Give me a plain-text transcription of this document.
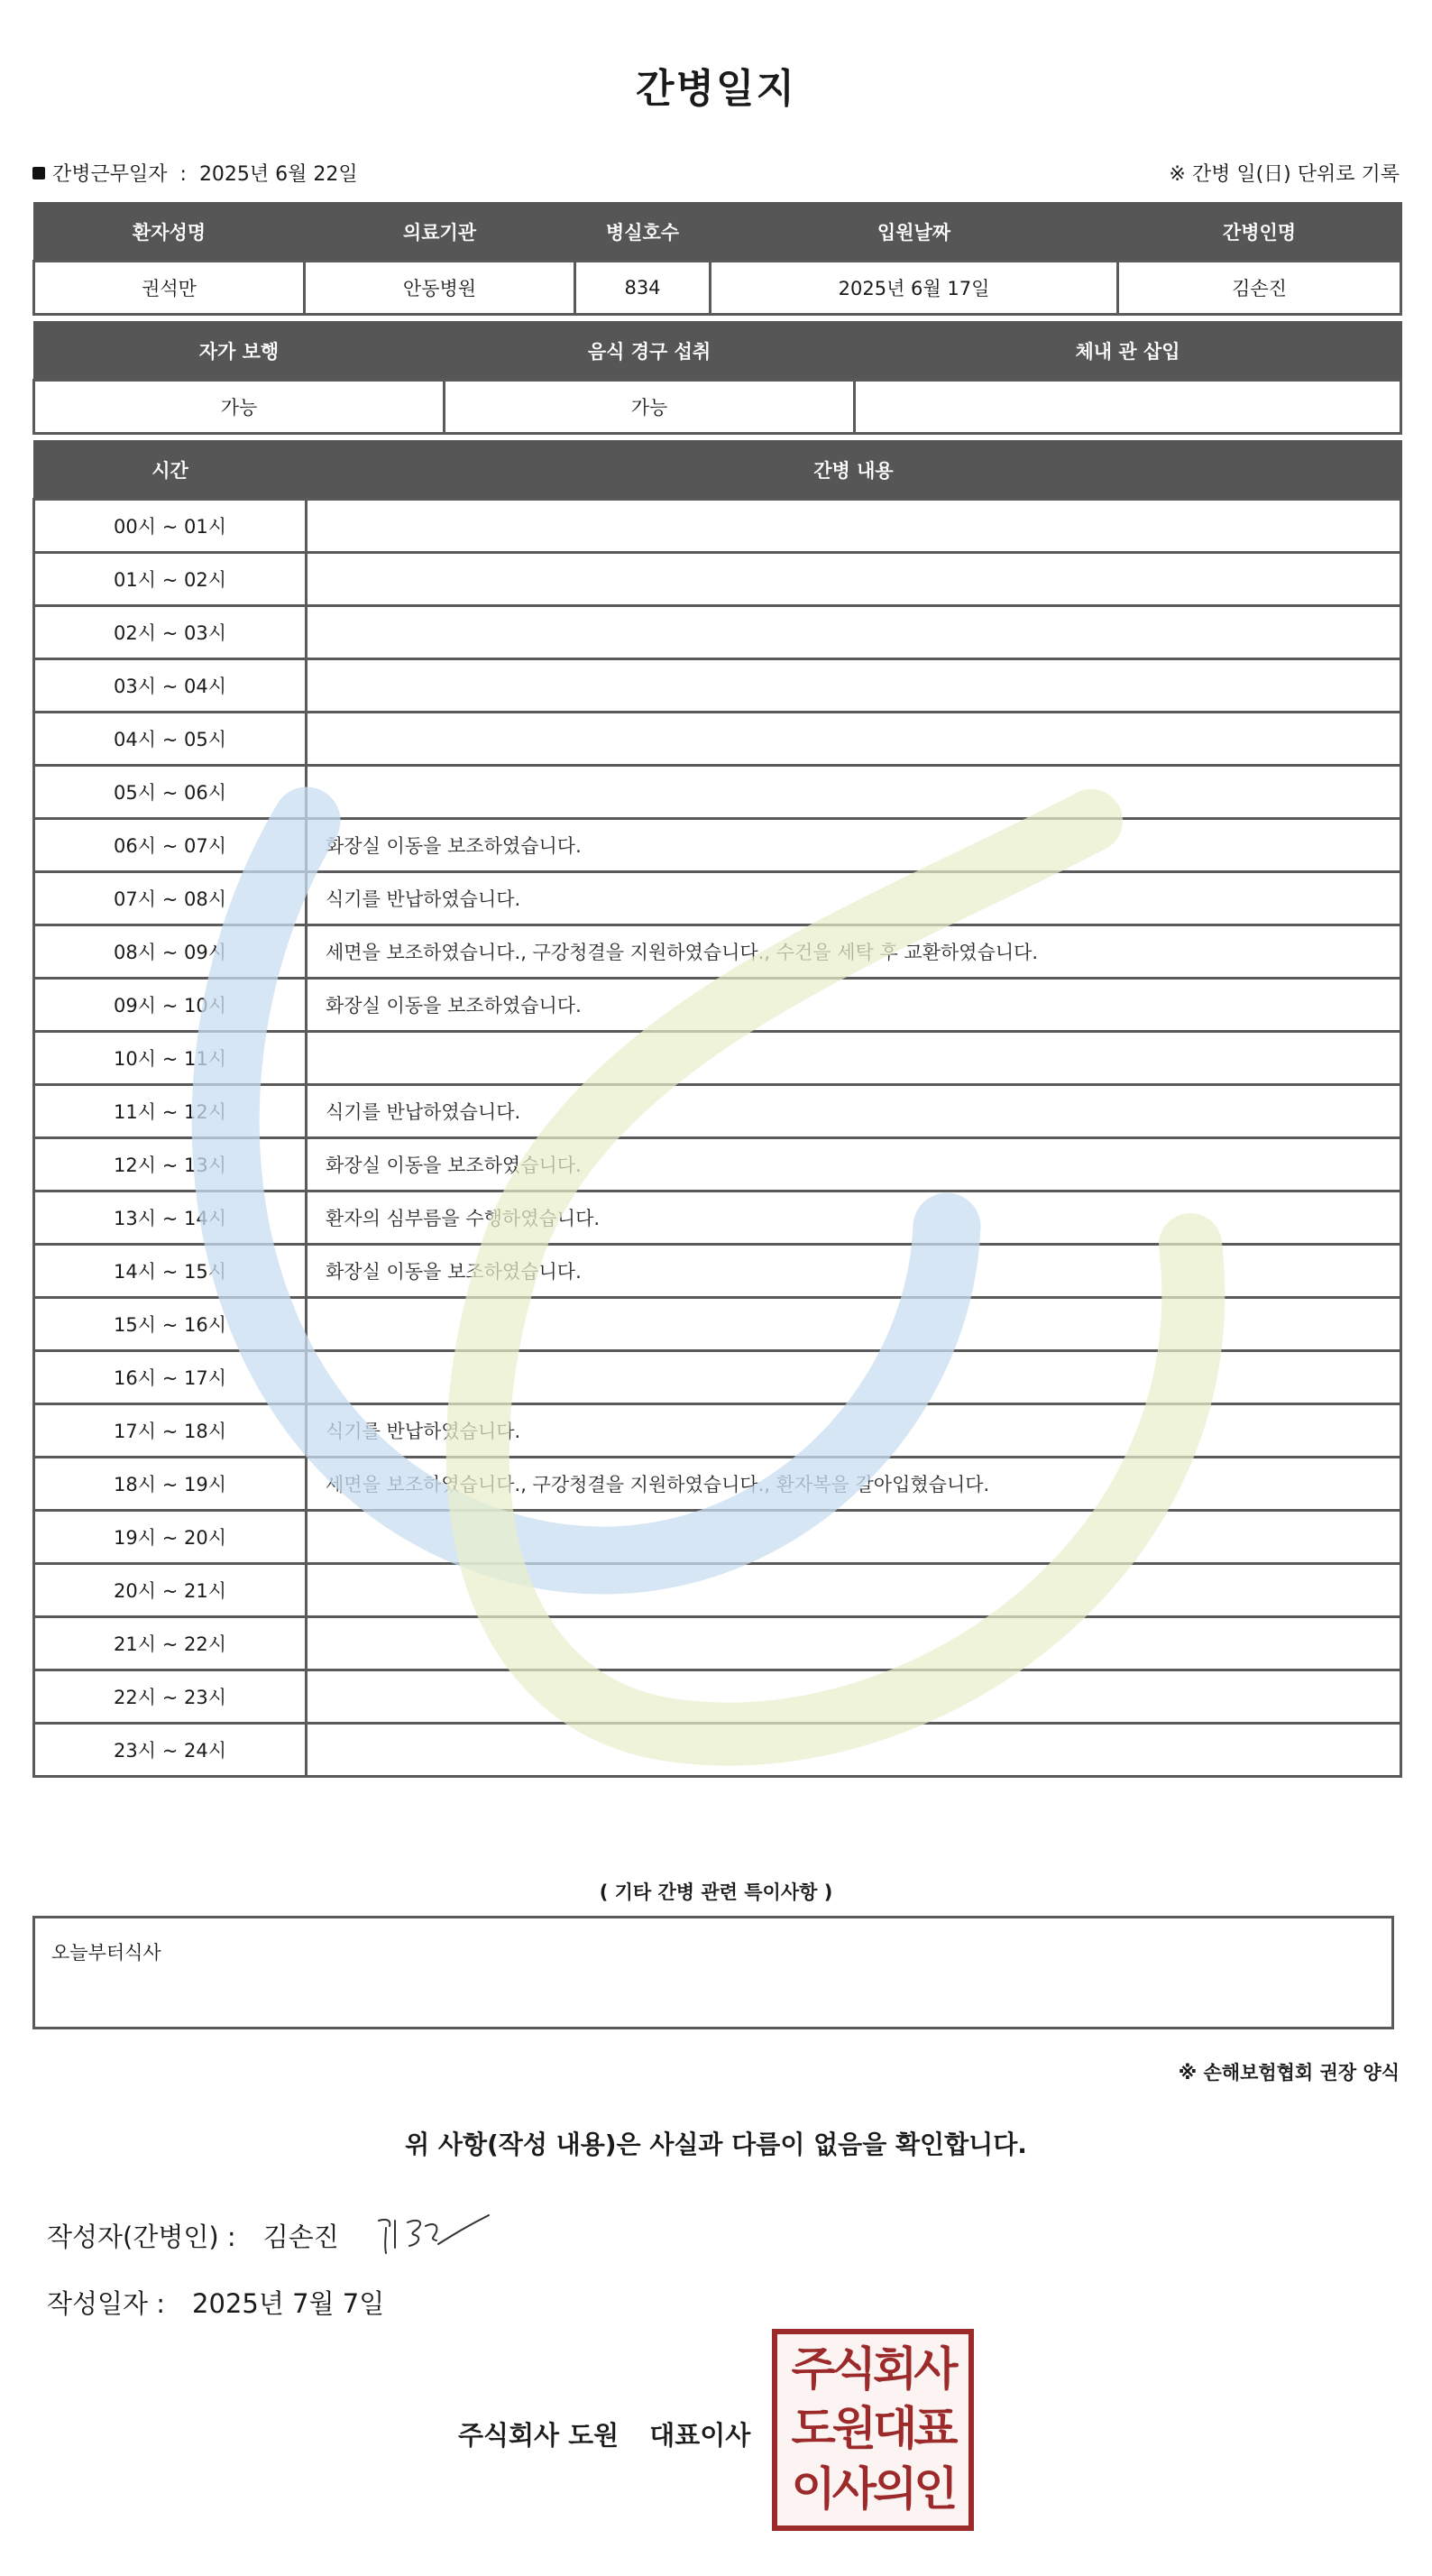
간병일지
간병근무일자 : 2025년 6월 22일	※ 간병 일(日) 단위로 기록
환자성명	의료기관	병실호수	입원날짜	간병인명
권석만	안동병원	834	2025년 6월 17일	김손진
자가 보행	음식 경구 섭취	체내 관 삽입
가능	가능	
시간	간병 내용
00시 ~ 01시	
01시 ~ 02시	
02시 ~ 03시	
03시 ~ 04시	
04시 ~ 05시	
05시 ~ 06시	
06시 ~ 07시	화장실 이동을 보조하였습니다.
07시 ~ 08시	식기를 반납하였습니다.
08시 ~ 09시	세면을 보조하였습니다., 구강청결을 지원하였습니다., 수건을 세탁 후 교환하였습니다.
09시 ~ 10시	화장실 이동을 보조하였습니다.
10시 ~ 11시	
11시 ~ 12시	식기를 반납하였습니다.
12시 ~ 13시	화장실 이동을 보조하였습니다.
13시 ~ 14시	환자의 심부름을 수행하였습니다.
14시 ~ 15시	화장실 이동을 보조하였습니다.
15시 ~ 16시	
16시 ~ 17시	
17시 ~ 18시	식기를 반납하였습니다.
18시 ~ 19시	세면을 보조하였습니다., 구강청결을 지원하였습니다., 환자복을 갈아입혔습니다.
19시 ~ 20시	
20시 ~ 21시	
21시 ~ 22시	
22시 ~ 23시	
23시 ~ 24시	
( 기타 간병 관련 특이사항 )
오늘부터식사
※ 손해보험협회 권장 양식
위 사항(작성 내용)은 사실과 다름이 없음을 확인합니다.
작성자(간병인) : 김손진
작성일자 : 2025년 7월 7일
주식회사 도원 대표이사
주식회사
도원대표
이사의인
